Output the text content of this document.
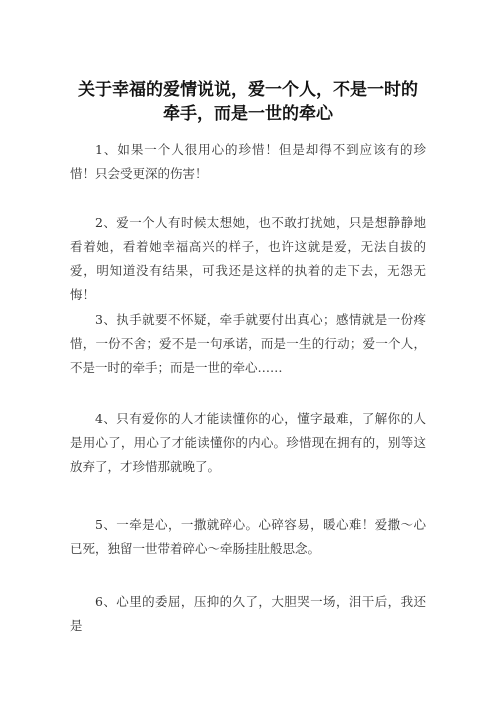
关于幸福的爱情说说，爱一个人，不是一时的牵手，而是一世的牵心

1、如果一个人很用心的珍惜！但是却得不到应该有的珍惜！只会受更深的伤害！

2、爱一个人有时候太想她，也不敢打扰她，只是想静静地看着她，看着她幸福高兴的样子，也许这就是爱，无法自拔的爱，明知道没有结果，可我还是这样的执着的走下去，无怨无悔！

3、执手就要不怀疑，牵手就要付出真心；感情就是一份疼惜，一份不舍；爱不是一句承诺，而是一生的行动；爱一个人，不是一时的牵手；而是一世的牵心……

4、只有爱你的人才能读懂你的心，懂字最难，了解你的人是用心了，用心了才能读懂你的内心。珍惜现在拥有的，别等这放弃了，才珍惜那就晚了。

5、一牵是心，一撒就碎心。心碎容易，暖心难！爱撒～心已死，独留一世带着碎心～牵肠挂肚般思念。

6、心里的委屈，压抑的久了，大胆哭一场，泪干后，我还是
